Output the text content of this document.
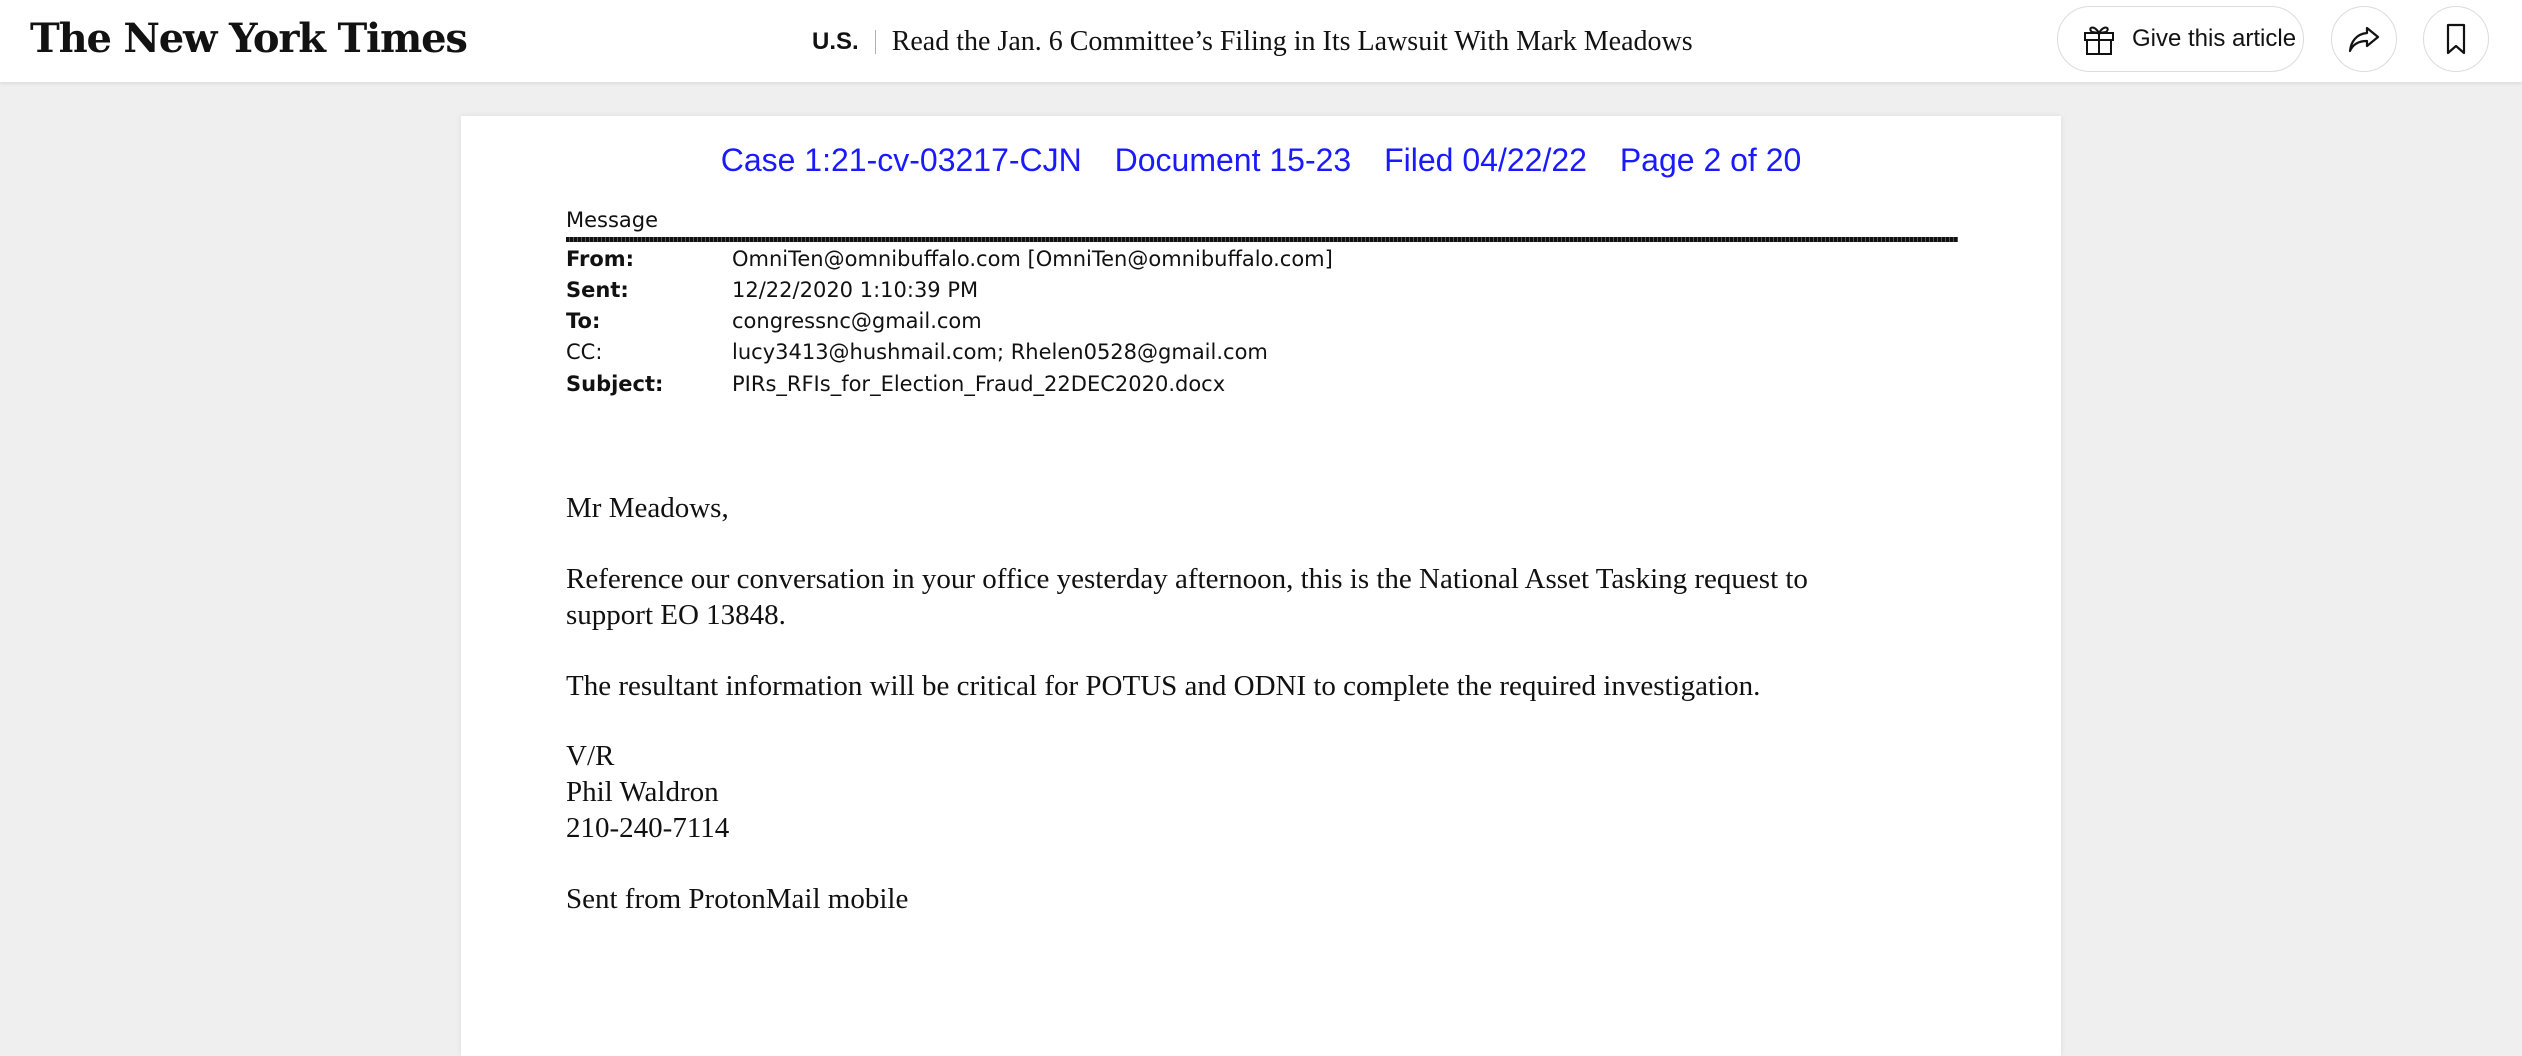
The New York Times	U.S. Read the Jan. 6 Committee’s Filing in Its Lawsuit With Mark Meadows	Give this article
Case 1:21-cv-03217-CJN Document 15-23 Filed 04/22/22 Page 2 of 20
Message
From:	OmniTen@omnibuffalo.com [OmniTen@omnibuffalo.com]
Sent:	12/22/2020 1:10:39 PM
To:	congressnc@gmail.com
CC:	lucy3413@hushmail.com; Rhelen0528@gmail.com
Subject:	PIRs_RFIs_for_Election_Fraud_22DEC2020.docx
Mr Meadows,
Reference our conversation in your office yesterday afternoon, this is the National Asset Tasking request to
support EO 13848.
The resultant information will be critical for POTUS and ODNI to complete the required investigation.
V/R
Phil Waldron
210-240-7114
Sent from ProtonMail mobile
